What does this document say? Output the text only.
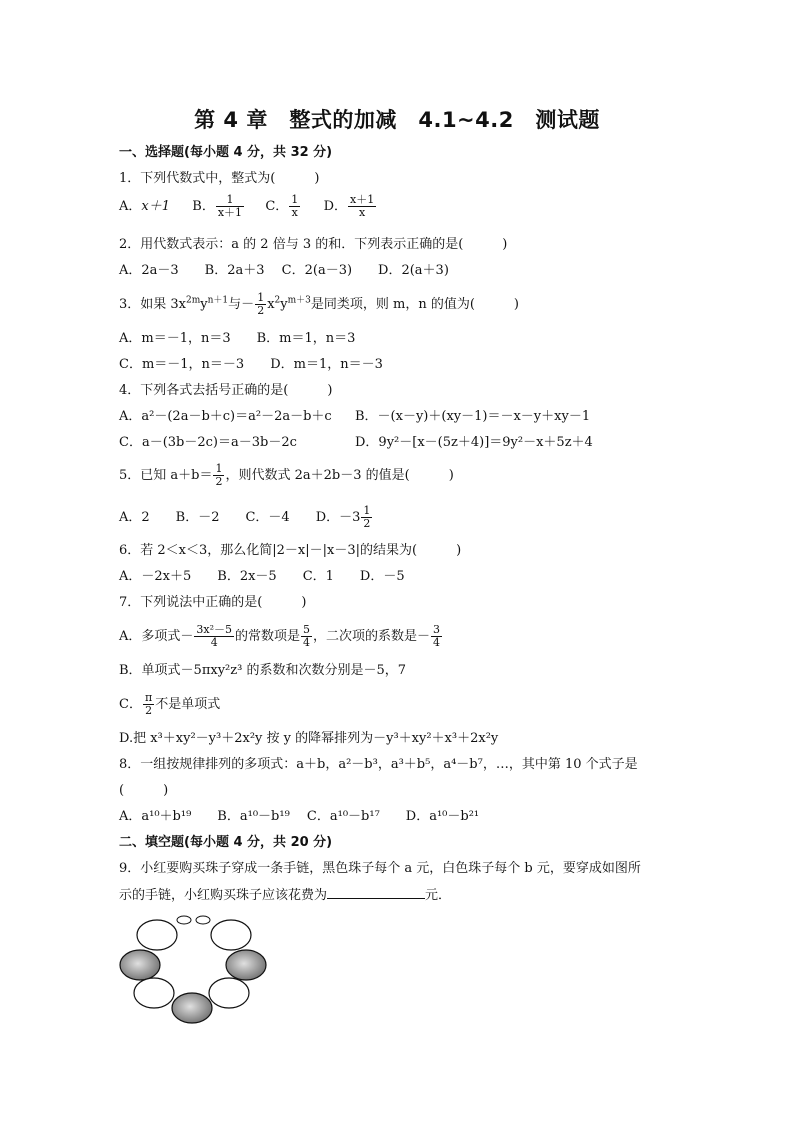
第 4 章　整式的加减　4.1~4.2　测试题
一、选择题(每小题 4 分，共 32 分)
1．下列代数式中，整式为(　　　)
A．x＋1 B． $\frac{1}{x+1}$ C． $\frac{1}{x}$ D． $\frac{x+1}{x}$
2．用代数式表示：a 的 2 倍与 3 的和．下列表示正确的是(　　　)
A．2a－3　　B．2a＋3　 C．2(a－3)　　D．2(a＋3)
3．如果 $3x^{2m}y^{n+1}$与－ $\frac{1}{2} x^2y^{m+3}$是同类项，则 m，n 的值为(　　　)
A．m＝－1，n＝3　　B．m＝1，n＝3
C．m＝－1，n＝－3　　D．m＝1，n＝－3
4．下列各式去括号正确的是(　　　)
A．a²－(2a－b＋c)＝a²－2a－b＋c B．－(x－y)＋(xy－1)＝－x－y＋xy－1
C．a－(3b－2c)＝a－3b－2c	D．9y²－[x－(5z＋4)]＝9y²－x＋5z＋4
5．已知 $a+b= \frac{1}{2}$ ，则代数式 2a＋2b－3 的值是(　　　)
A．2　　B．－2　　C．－4　　D．$-3 \frac{1}{2}$
6．若 2＜x＜3，那么化简|2－x|－|x－3|的结果为(　　　)
A．－2x＋5　　B．2x－5　　C．1　　D．－5
7．下列说法中正确的是(　　　)
A．多项式－ $\frac{\text{3x²－5}}{4}$ 的常数项是 $\frac{5}{4}$ ，二次项的系数是－ $\frac{3}{4}$
B．单项式－5πxy²z³ 的系数和次数分别是－5，7
C． $\frac{\pi}{2}$ 不是单项式
D.把 x³＋xy²－y³＋2x²y 按 y 的降幂排列为－y³＋xy²＋x³＋2x²y
8．一组按规律排列的多项式：a＋b，a²－b³，a³＋b⁵，a⁴－b⁷，…，其中第 10 个式子是
(　　　)
A．a¹⁰＋b¹⁹　　B．a¹⁰－b¹⁹　 C．a¹⁰－b¹⁷　　D．a¹⁰－b²¹
二、填空题(每小题 4 分，共 20 分)
9．小红要购买珠子穿成一条手链，黑色珠子每个 a 元，白色珠子每个 b 元，要穿成如图所
示的手链，小红购买珠子应该花费为	元．
